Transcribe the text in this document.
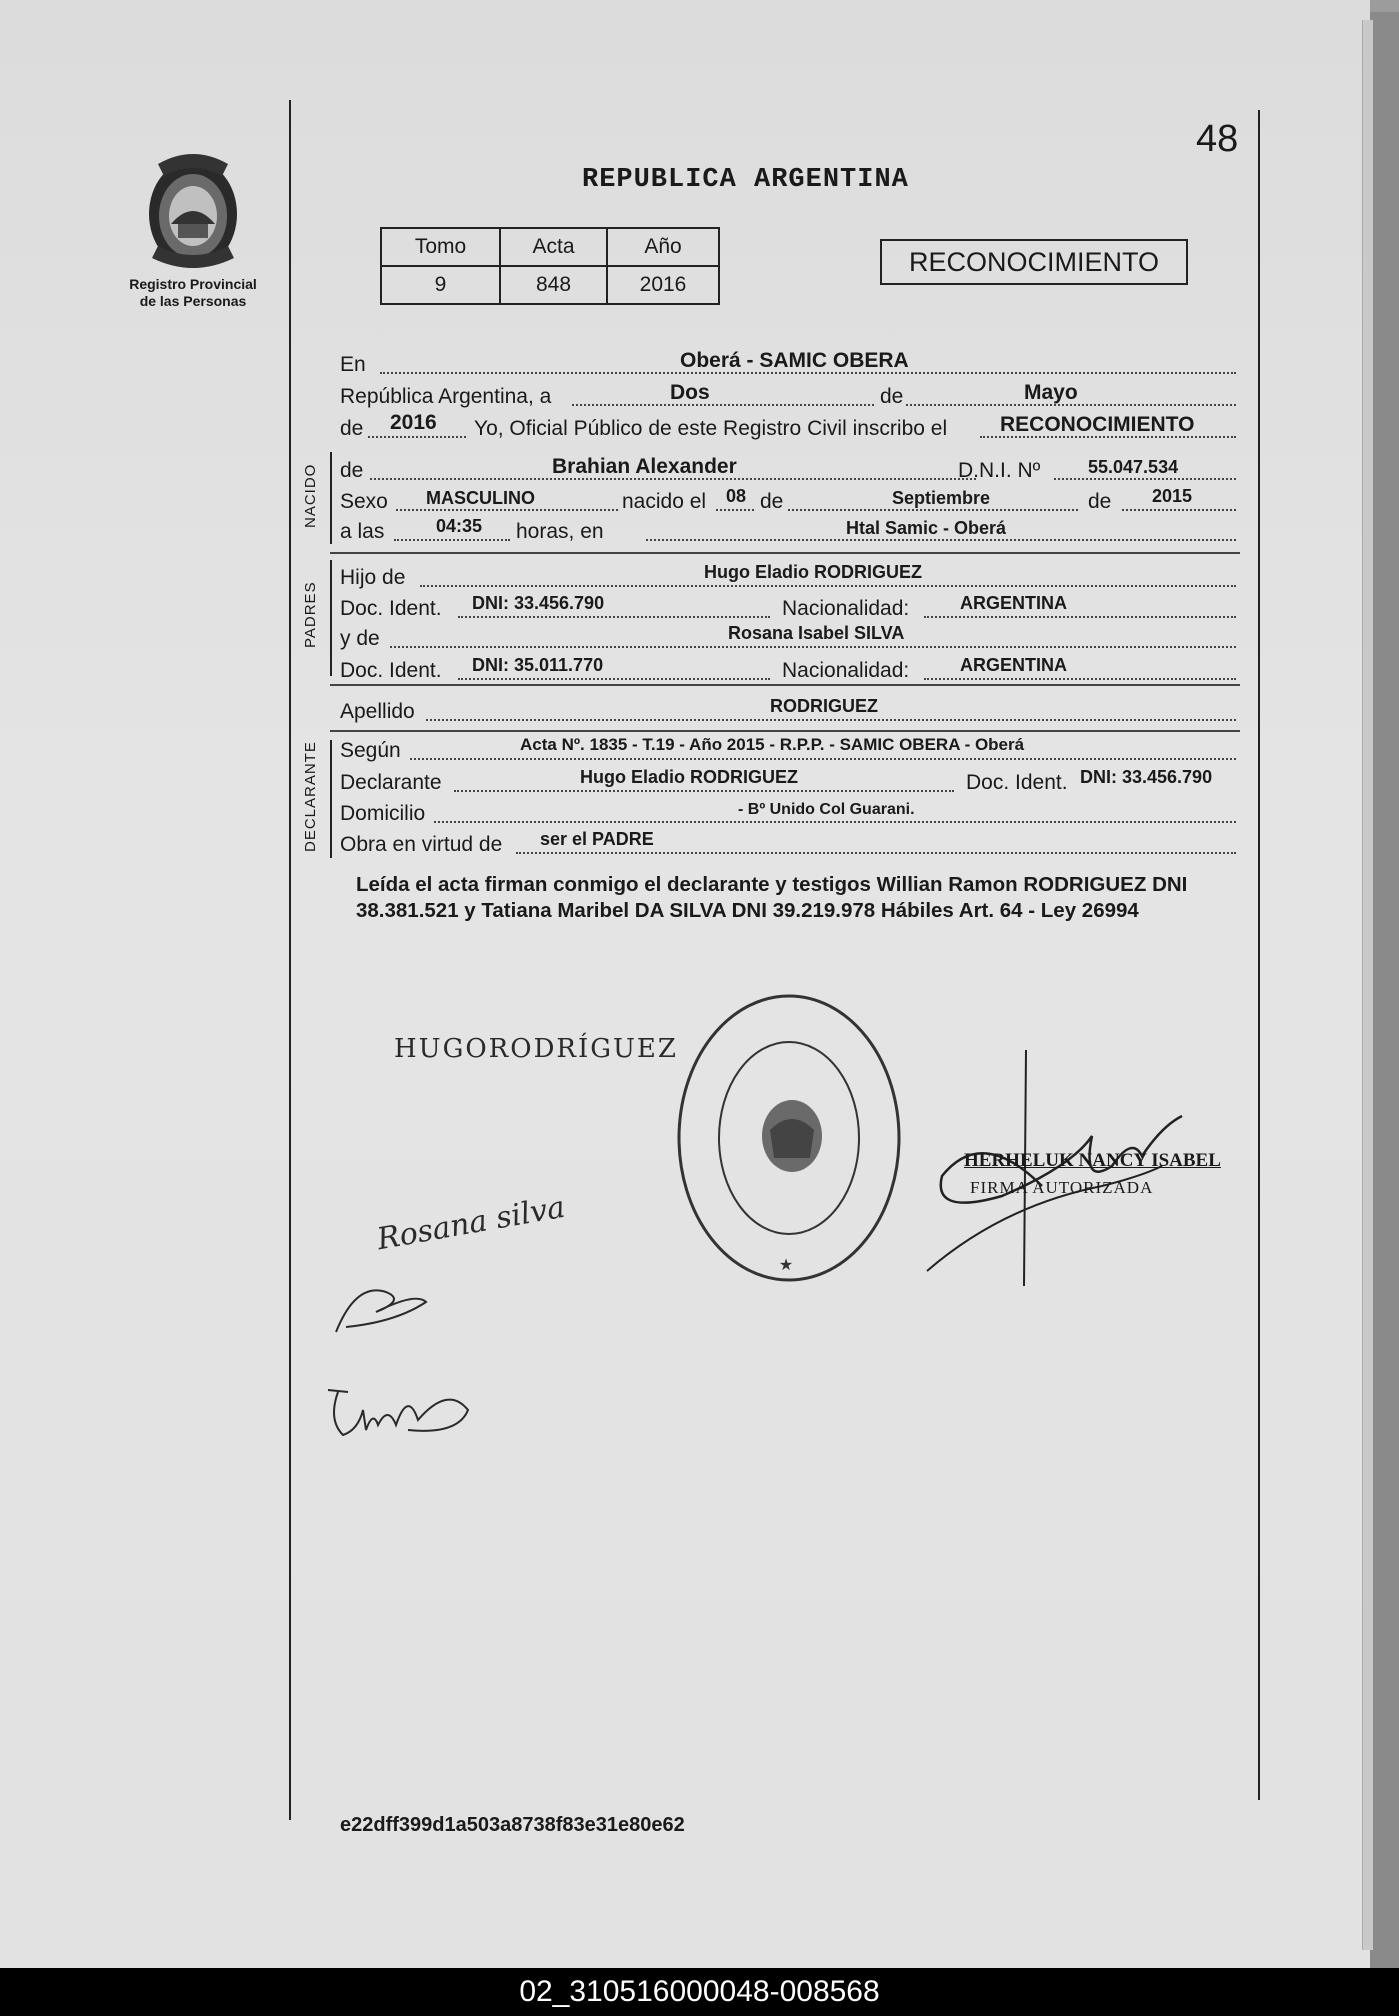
Registro Provincial
de las Personas
48
REPUBLICA ARGENTINA
Tomo	Acta	Año
9	848	2016
RECONOCIMIENTO
En	Oberá - SAMIC OBERA
República Argentina, a	Dos	de	Mayo
de 2016 Yo, Oficial Público de este Registro Civil inscribo el	RECONOCIMIENTO
NACIDO de	Brahian Alexander	D.N.I. Nº	55.047.534
Sexo MASCULINO	nacido el 08 de	Septiembre	de 2015
a las	04:35 horas, en	Htal Samic - Oberá
PADRES
Hijo de	Hugo Eladio RODRIGUEZ
Doc. Ident. DNI: 33.456.790	Nacionalidad:	ARGENTINA
y de	Rosana Isabel SILVA
Doc. Ident. DNI: 35.011.770	Nacionalidad:	ARGENTINA
Apellido	RODRIGUEZ
DECLARANTE Según	Acta Nº. 1835 - T.19 - Año 2015 - R.P.P. - SAMIC OBERA - Oberá
Declarante	Hugo Eladio RODRIGUEZ	Doc. Ident. DNI: 33.456.790
Domicilio	- Bº Unido Col Guarani.
Obra en virtud de ser el PADRE
Leída el acta firman conmigo el declarante y testigos Willian Ramon RODRIGUEZ DNI 38.381.521 y Tatiana Maribel DA SILVA DNI 39.219.978 Hábiles Art. 64 - Ley 26994
HUGORODRÍGUEZ
Rosana silva
★
HERHELUK NANCY ISABEL
FIRMA AUTORIZADA
e22dff399d1a503a8738f83e31e80e62
02_310516000048-008568
